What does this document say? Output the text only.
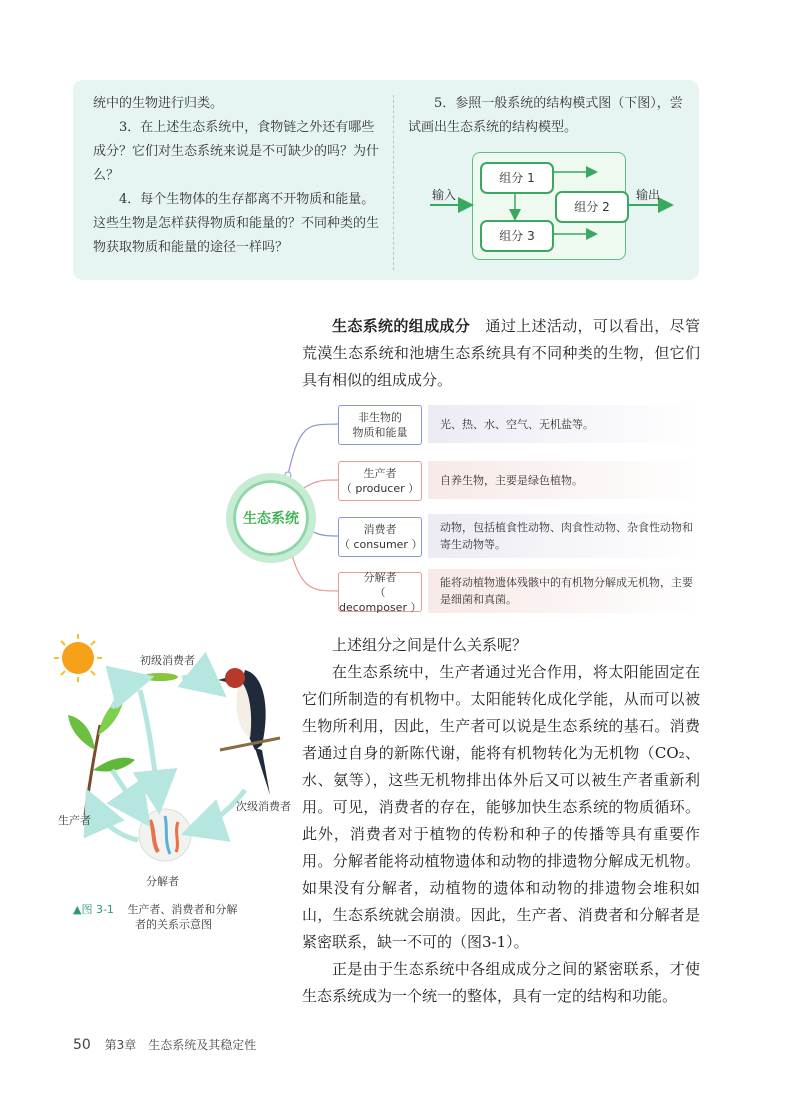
统中的生物进行归类。

3．在上述生态系统中，食物链之外还有哪些成分？它们对生态系统来说是不可缺少的吗？为什么？

4．每个生物体的生存都离不开物质和能量。这些生物是怎样获得物质和能量的？不同种类的生物获取物质和能量的途径一样吗？

5．参照一般系统的结构模式图（下图），尝试画出生态系统的结构模型。

输入	输出
组分 1
组分 2
组分 3

生态系统的组成成分　 通过上述活动，可以看出，尽管荒漠生态系统和池塘生态系统具有不同种类的生物，但它们具有相似的组成成分。

生态系统
非生物的
物质和能量
生产者
（ producer ）
消费者
（ consumer ）
分解者
（ decomposer ）
光、热、水、空气、无机盐等。
自养生物，主要是绿色植物。
动物，包括植食性动物、肉食性动物、杂食性动物和寄生动物等。
能将动植物遗体残骸中的有机物分解成无机物，主要是细菌和真菌。

上述组分之间是什么关系呢？

在生态系统中，生产者通过光合作用，将太阳能固定在它们所制造的有机物中。太阳能转化成化学能，从而可以被生物所利用，因此，生产者可以说是生态系统的基石。消费者通过自身的新陈代谢，能将有机物转化为无机物（CO₂、水、氨等），这些无机物排出体外后又可以被生产者重新利用。可见，消费者的存在，能够加快生态系统的物质循环。此外，消费者对于植物的传粉和种子的传播等具有重要作用。分解者能将动植物遗体和动物的排遗物分解成无机物。如果没有分解者，动植物的遗体和动物的排遗物会堆积如山，生态系统就会崩溃。因此，生产者、消费者和分解者是紧密联系，缺一不可的（图3-1）。

正是由于生态系统中各组成成分之间的紧密联系，才使生态系统成为一个统一的整体，具有一定的结构和功能。

初级消费者
次级消费者
生产者
分解者
▲图 3-1 生产者、消费者和分解
者的关系示意图
50 第3章　生态系统及其稳定性
